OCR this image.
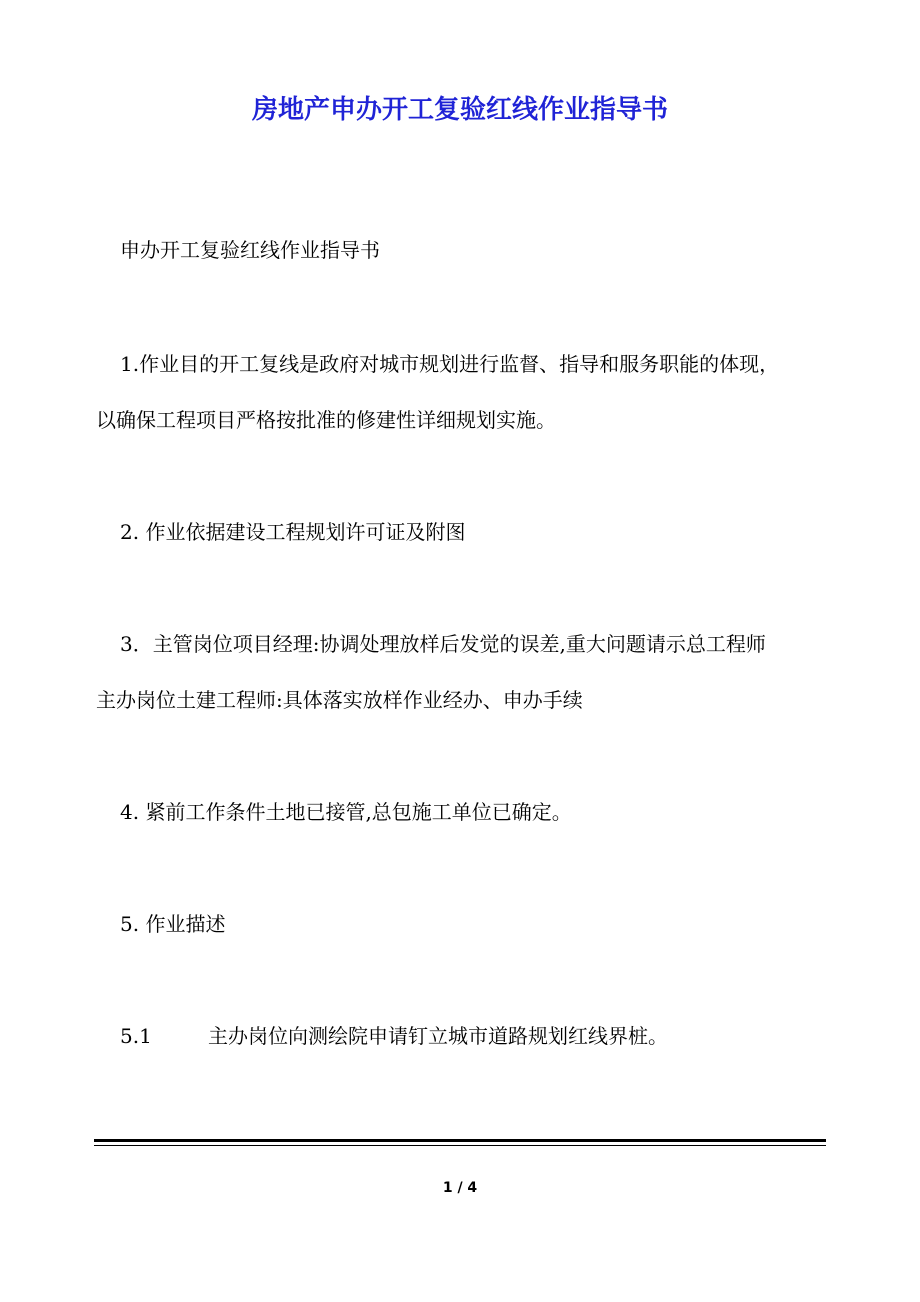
房地产申办开工复验红线作业指导书
申办开工复验红线作业指导书
1.作业目的开工复线是政府对城市规划进行监督、指导和服务职能的体现，
以确保工程项目严格按批准的修建性详细规划实施。
2. 作业依据建设工程规划许可证及附图
3．主管岗位项目经理:协调处理放样后发觉的误差,重大问题请示总工程师
主办岗位土建工程师:具体落实放样作业经办、申办手续
4. 紧前工作条件土地已接管,总包施工单位已确定。
5. 作业描述
5.1	主办岗位向测绘院申请钉立城市道路规划红线界桩。
1 / 4
